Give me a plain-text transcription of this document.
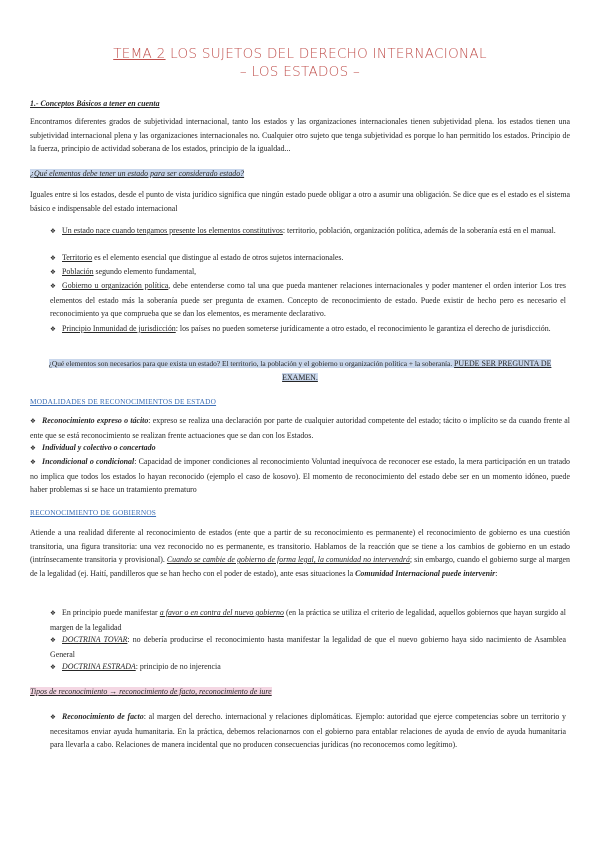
TEMA 2 LOS SUJETOS DEL DERECHO INTERNACIONAL
– LOS ESTADOS –

1.- Conceptos Básicos a tener en cuenta

Encontramos diferentes grados de subjetividad internacional, tanto los estados y las organizaciones internacionales tienen subjetividad plena. los estados tienen una subjetividad internacional plena y las organizaciones internacionales no. Cualquier otro sujeto que tenga subjetividad es porque lo han permitido los estados. Principio de la fuerza, principio de actividad soberana de los estados, principio de la igualdad...

¿Qué elementos debe tener un estado para ser considerado estado?

Iguales entre si los estados, desde el punto de vista jurídico significa que ningún estado puede obligar a otro a asumir una obligación. Se dice que es el estado es el sistema básico e indispensable del estado internacional

❖ Un estado nace cuando tengamos presente los elementos constitutivos: territorio, población, organización política, además de la soberanía está en el manual.
❖ Territorio es el elemento esencial que distingue al estado de otros sujetos internacionales.
❖ Población segundo elemento fundamental,
❖ Gobierno u organización política, debe entenderse como tal una que pueda mantener relaciones internacionales y poder mantener el orden interior Los tres elementos del estado más la soberanía puede ser pregunta de examen. Concepto de reconocimiento de estado. Puede existir de hecho pero es necesario el reconocimiento ya que comprueba que se dan los elementos, es meramente declarativo.
❖ Principio Inmunidad de jurisdicción: los países no pueden someterse jurídicamente a otro estado, el reconocimiento le garantiza el derecho de jurisdicción.

¿Qué elementos son necesarios para que exista un estado? El territorio, la población y el gobierno u organización política + la soberanía. PUEDE SER PREGUNTA DE EXAMEN.

MODALIDADES DE RECONOCIMIENTOS DE ESTADO

❖ Reconocimiento expreso o tácito: expreso se realiza una declaración por parte de cualquier autoridad competente del estado; tácito o implícito se da cuando frente al ente que se está reconocimiento se realizan frente actuaciones que se dan con los Estados.
❖ Individual y colectivo o concertado
❖ Incondicional o condicional: Capacidad de imponer condiciones al reconocimiento Voluntad inequívoca de reconocer ese estado, la mera participación en un tratado no implica que todos los estados lo hayan reconocido (ejemplo el caso de kosovo). El momento de reconocimiento del estado debe ser en un momento idóneo, puede haber problemas si se hace un tratamiento prematuro

RECONOCIMIENTO DE GOBIERNOS

Atiende a una realidad diferente al reconocimiento de estados (ente que a partir de su reconocimiento es permanente) el reconocimiento de gobierno es una cuestión transitoria, una figura transitoria: una vez reconocido no es permanente, es transitorio. Hablamos de la reacción que se tiene a los cambios de gobierno en un estado (intrínsecamente transitoria y provisional). Cuando se cambie de gobierno de forma legal, la comunidad no intervendrá; sin embargo, cuando el gobierno surge al margen de la legalidad (ej. Haití, pandilleros que se han hecho con el poder de estado), ante esas situaciones la Comunidad Internacional puede intervenir:

❖ En principio puede manifestar a favor o en contra del nuevo gobierno (en la práctica se utiliza el criterio de legalidad, aquellos gobiernos que hayan surgido al margen de la legalidad
❖ DOCTRINA TOVAR: no debería producirse el reconocimiento hasta manifestar la legalidad de que el nuevo gobierno haya sido nacimiento de Asamblea General
❖ DOCTRINA ESTRADA: principio de no injerencia

Tipos de reconocimiento → reconocimiento de facto, reconocimiento de iure

❖ Reconocimiento de facto: al margen del derecho. internacional y relaciones diplomáticas. Ejemplo: autoridad que ejerce competencias sobre un territorio y necesitamos enviar ayuda humanitaria. En la práctica, debemos relacionarnos con el gobierno para entablar relaciones de ayuda de envío de ayuda humanitaria para llevarla a cabo. Relaciones de manera incidental que no producen consecuencias jurídicas (no reconocemos como legítimo).
